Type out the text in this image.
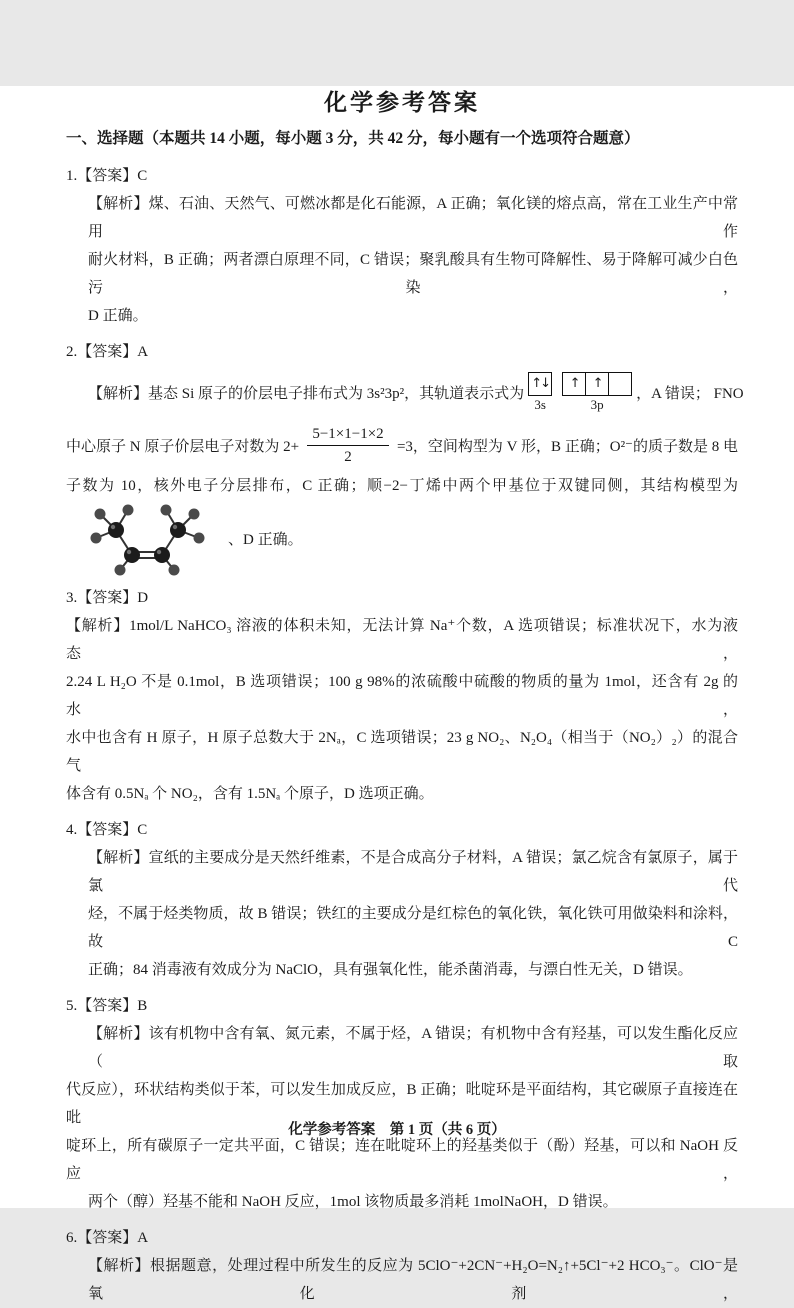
化学参考答案
一、选择题（本题共 14 小题，每小题 3 分，共 42 分，每小题有一个选项符合题意）
1.【答案】C
【解析】煤、石油、天然气、可燃冰都是化石能源，A 正确；氧化镁的熔点高，常在工业生产中常用作
耐火材料，B 正确；两者漂白原理不同，C 错误；聚乳酸具有生物可降解性、易于降解可减少白色污染，
D 正确。
2.【答案】A
【解析】基态 Si 原子的价层电子排布式为 3s²3p²，其轨道表示式为
↑↓
3s
↑	↑
3p
，A 错误； FNO
中心原子 N 原子价层电子对数为 $2+ \frac{5-1\times 1-1\times 2}{2} =3$，空间构型为 V 形，B 正确；O²⁻的质子数是 8 电
子数为 10，核外电子分层排布，C 正确；顺−2−丁烯中两个甲基位于双键同侧，其结构模型为
、D 正确。
3.【答案】D
【解析】1mol/L NaHCO₃ 溶液的体积未知，无法计算 Na⁺个数，A 选项错误；标准状况下，水为液态，
2.24 L H₂O 不是 0.1mol，B 选项错误；100 g 98%的浓硫酸中硫酸的物质的量为 1mol，还含有 2g 的水，
水中也含有 H 原子，H 原子总数大于 2Nₐ，C 选项错误；23 g NO₂、N₂O₄（相当于（NO₂）₂）的混合气
体含有 0.5Nₐ 个 NO₂，含有 1.5Nₐ 个原子，D 选项正确。
4.【答案】C
【解析】宣纸的主要成分是天然纤维素，不是合成高分子材料，A 错误；氯乙烷含有氯原子，属于氯代
烃，不属于烃类物质，故 B 错误；铁红的主要成分是红棕色的氧化铁，氧化铁可用做染料和涂料，故 C
正确；84 消毒液有效成分为 NaClO，具有强氧化性，能杀菌消毒，与漂白性无关，D 错误。
5.【答案】B
【解析】该有机物中含有氧、氮元素，不属于烃，A 错误；有机物中含有羟基，可以发生酯化反应（取
代反应），环状结构类似于苯，可以发生加成反应，B 正确；吡啶环是平面结构，其它碳原子直接连在吡
啶环上，所有碳原子一定共平面，C 错误；连在吡啶环上的羟基类似于（酚）羟基，可以和 NaOH 反应，
两个（醇）羟基不能和 NaOH 反应，1mol 该物质最多消耗 1molNaOH，D 错误。
6.【答案】A
【解析】根据题意，处理过程中所发生的反应为 5ClO⁻+2CN⁻+H₂O=N₂↑+5Cl⁻+2 HCO₃⁻。ClO⁻是氧化剂，
化学参考答案　第 1 页（共 6 页）
